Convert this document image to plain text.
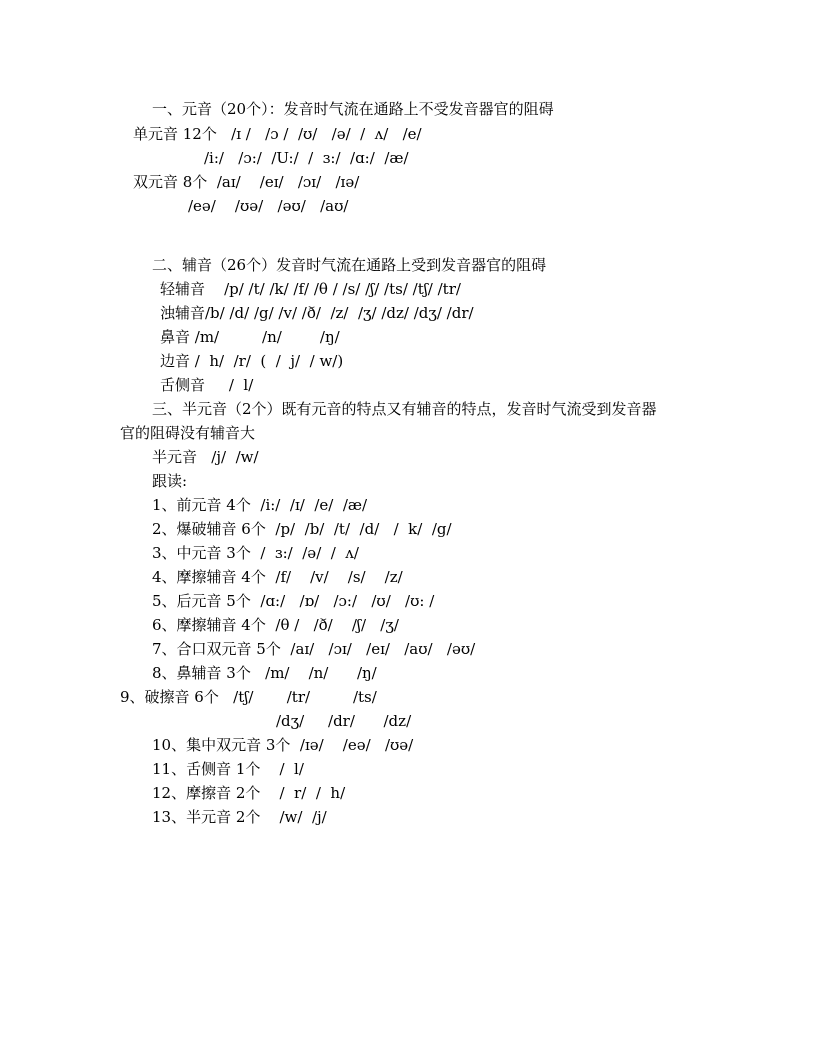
一、元音（20个）：发音时气流在通路上不受发音器官的阻碍
单元音 12个   /ɪ /   /ɔ /  /ʊ/   /ə/  /  ʌ/   /e/
/i:/   /ɔ:/  /U:/  /  ɜ:/  /ɑ:/  /æ/
双元音 8个  /aɪ/    /eɪ/   /ɔɪ/   /ɪə/
/eə/    /ʊə/   /əʊ/   /aʊ/
二、辅音（26个）发音时气流在通路上受到发音器官的阻碍
轻辅音    /p/ /t/ /k/ /f/ /θ / /s/ /ʃ/ /ts/ /tʃ/ /tr/
浊辅音/b/ /d/ /g/ /v/ /ð/  /z/  /ʒ/ /dz/ /dʒ/ /dr/
鼻音 /m/         /n/        /ŋ/
边音 /  h/  /r/  (  /  j/  / w/)
舌侧音     /  l/
三、半元音（2个）既有元音的特点又有辅音的特点，发音时气流受到发音器
官的阻碍没有辅音大
半元音   /j/  /w/
跟读:
1、前元音 4个  /i:/  /ɪ/  /e/  /æ/
2、爆破辅音 6个  /p/  /b/  /t/  /d/   /  k/  /g/
3、中元音 3个  /  ɜ:/  /ə/  /  ʌ/
4、摩擦辅音 4个  /f/    /v/    /s/    /z/
5、后元音 5个  /ɑ:/   /ɒ/   /ɔ:/   /ʊ/   /ʊ: /
6、摩擦辅音 4个  /θ /   /ð/    /ʃ/   /ʒ/
7、合口双元音 5个  /aɪ/   /ɔɪ/   /eɪ/   /aʊ/   /əʊ/
8、鼻辅音 3个   /m/    /n/      /ŋ/
9、破擦音 6个   /tʃ/       /tr/         /ts/
/dʒ/     /dr/      /dz/
10、集中双元音 3个  /ɪə/    /eə/   /ʊə/
11、舌侧音 1个    /  l/
12、摩擦音 2个    /  r/  /  h/
13、半元音 2个    /w/  /j/
